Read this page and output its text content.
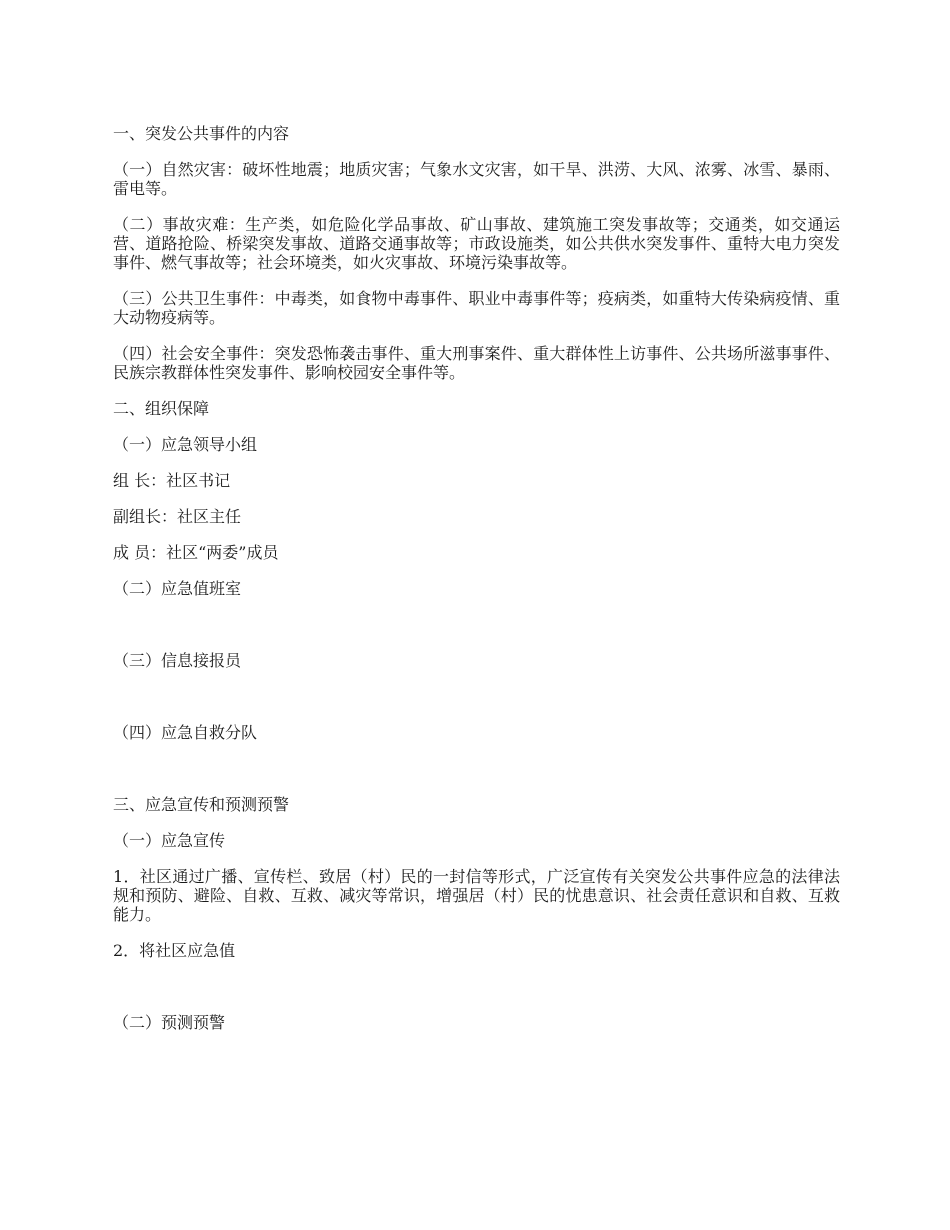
一、突发公共事件的内容

（一）自然灾害：破坏性地震；地质灾害；气象水文灾害，如干旱、洪涝、大风、浓雾、冰雪、暴雨、雷电等。

（二）事故灾难：生产类，如危险化学品事故、矿山事故、建筑施工突发事故等；交通类，如交通运营、道路抢险、桥梁突发事故、道路交通事故等；市政设施类，如公共供水突发事件、重特大电力突发事件、燃气事故等；社会环境类，如火灾事故、环境污染事故等。

（三）公共卫生事件：中毒类，如食物中毒事件、职业中毒事件等；疫病类，如重特大传染病疫情、重大动物疫病等。

（四）社会安全事件：突发恐怖袭击事件、重大刑事案件、重大群体性上访事件、公共场所滋事事件、民族宗教群体性突发事件、影响校园安全事件等。

二、组织保障

（一）应急领导小组

组 长：社区书记

副组长：社区主任

成 员：社区“两委”成员

（二）应急值班室

（三）信息接报员

（四）应急自救分队

三、应急宣传和预测预警

（一）应急宣传

1．社区通过广播、宣传栏、致居（村）民的一封信等形式，广泛宣传有关突发公共事件应急的法律法规和预防、避险、自救、互救、减灾等常识，增强居（村）民的忧患意识、社会责任意识和自救、互救能力。

2．将社区应急值

（二）预测预警
